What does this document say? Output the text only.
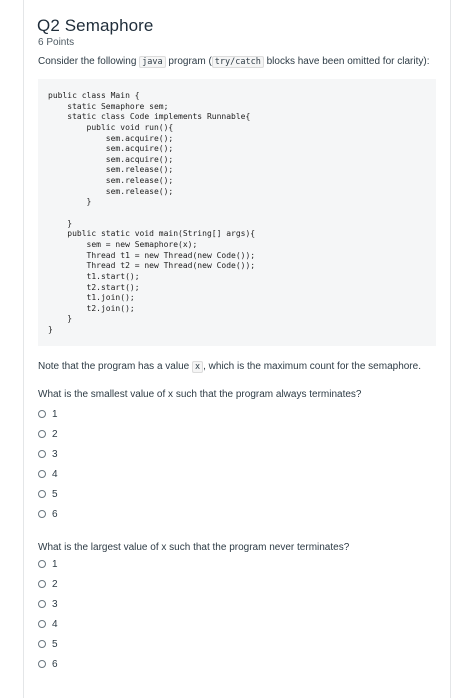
Q2 Semaphore
6 Points
Consider the following java program ( try/catch blocks have been omitted for clarity):
public class Main {
static Semaphore sem;
static class Code implements Runnable{
public void run(){
sem.acquire();
sem.acquire();
sem.acquire();
sem.release();
sem.release();
sem.release();
}
}
public static void main(String[] args){
sem = new Semaphore(x);
Thread t1 = new Thread(new Code());
Thread t2 = new Thread(new Code());
t1.start();
t2.start();
t1.join();
t2.join();
}
}
Note that the program has a value x , which is the maximum count for the semaphore.
What is the smallest value of x such that the program always terminates?
1
2
3
4
5
6
What is the largest value of x such that the program never terminates?
1
2
3
4
5
6
